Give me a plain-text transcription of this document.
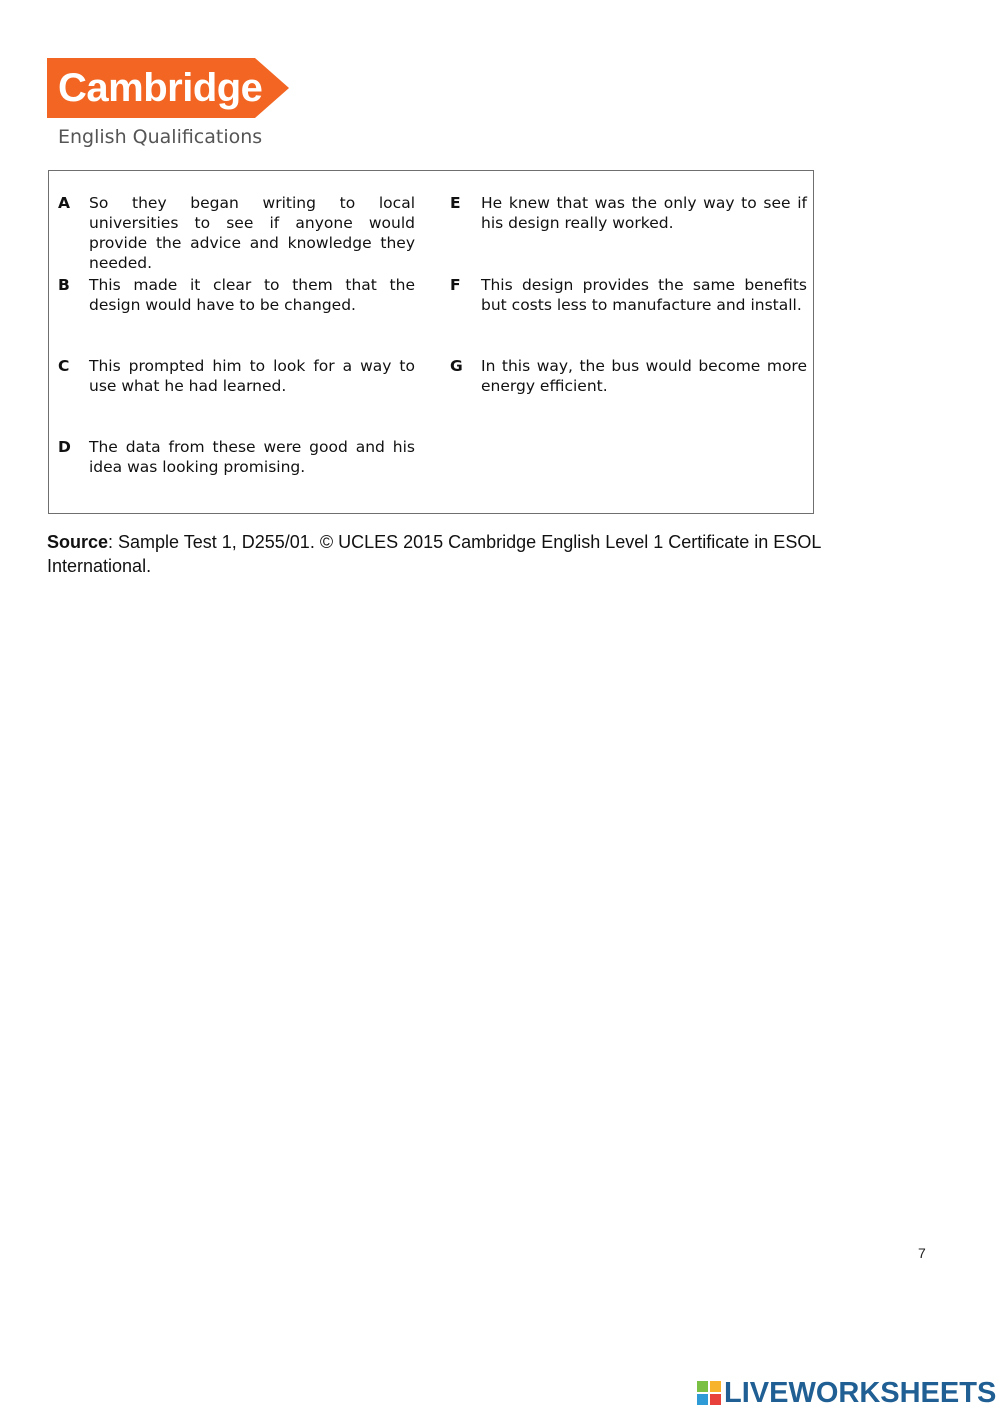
Cambridge
English Qualifications
A	So they began writing to local universities to see if anyone would provide the advice and knowledge they needed.
B	This made it clear to them that the design would have to be changed.
C	This prompted him to look for a way to use what he had learned.
D	The data from these were good and his idea was looking promising.
E	He knew that was the only way to see if his design really worked.
F	This design provides the same benefits but costs less to manufacture and install.
G	In this way, the bus would become more energy efficient.
Source: Sample Test 1, D255/01. © UCLES 2015 Cambridge English Level 1 Certificate in ESOL International.
7
LIVEWORKSHEETS
